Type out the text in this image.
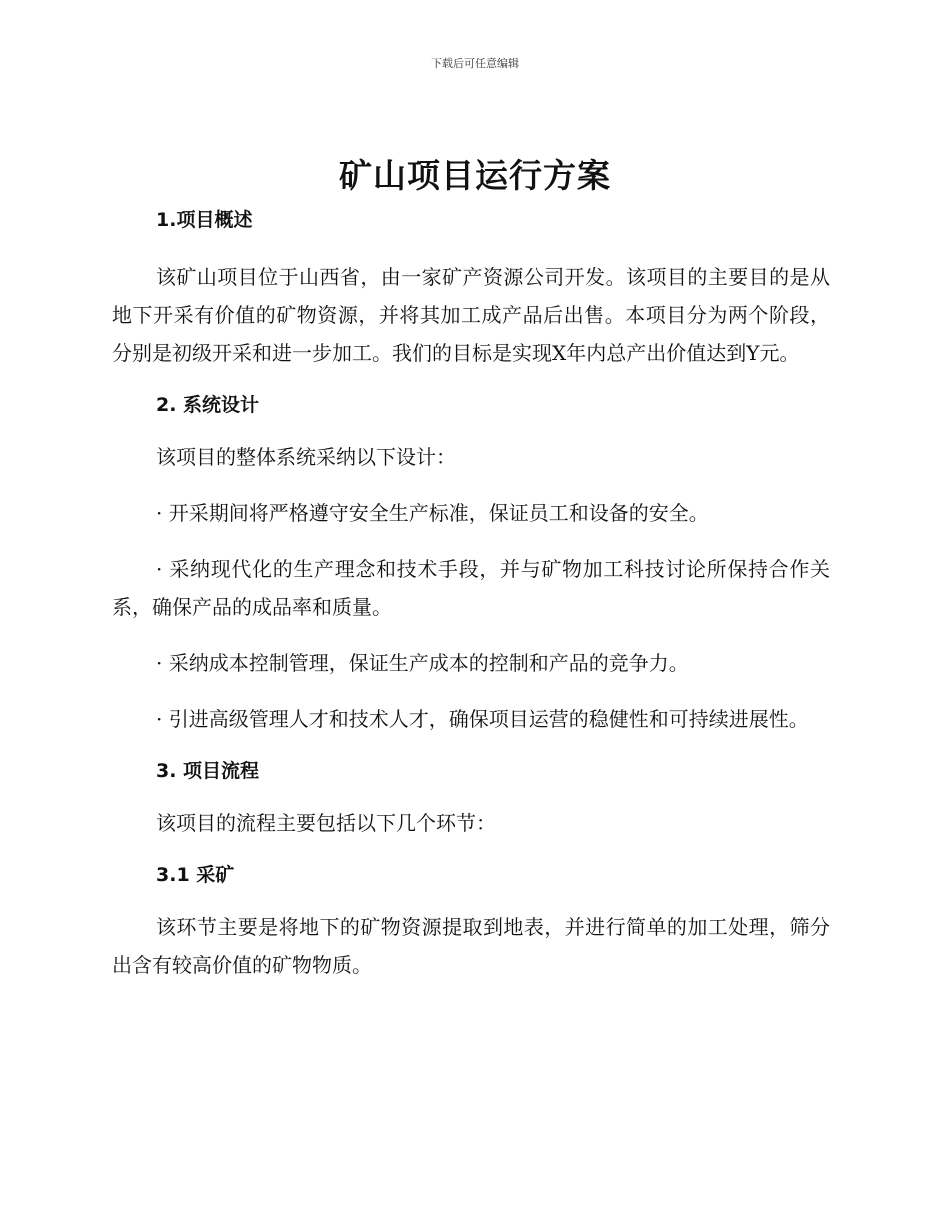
下载后可任意编辑
矿山项目运行方案
1.项目概述

该矿山项目位于山西省，由一家矿产资源公司开发。该项目的主要目的是从地下开采有价值的矿物资源，并将其加工成产品后出售。本项目分为两个阶段，分别是初级开采和进一步加工。我们的目标是实现X年内总产出价值达到Y元。

2. 系统设计

该项目的整体系统采纳以下设计：

· 开采期间将严格遵守安全生产标准，保证员工和设备的安全。

· 采纳现代化的生产理念和技术手段，并与矿物加工科技讨论所保持合作关系，确保产品的成品率和质量。

· 采纳成本控制管理，保证生产成本的控制和产品的竞争力。

· 引进高级管理人才和技术人才，确保项目运营的稳健性和可持续进展性。

3. 项目流程

该项目的流程主要包括以下几个环节：

3.1 采矿

该环节主要是将地下的矿物资源提取到地表，并进行简单的加工处理，筛分出含有较高价值的矿物物质。
